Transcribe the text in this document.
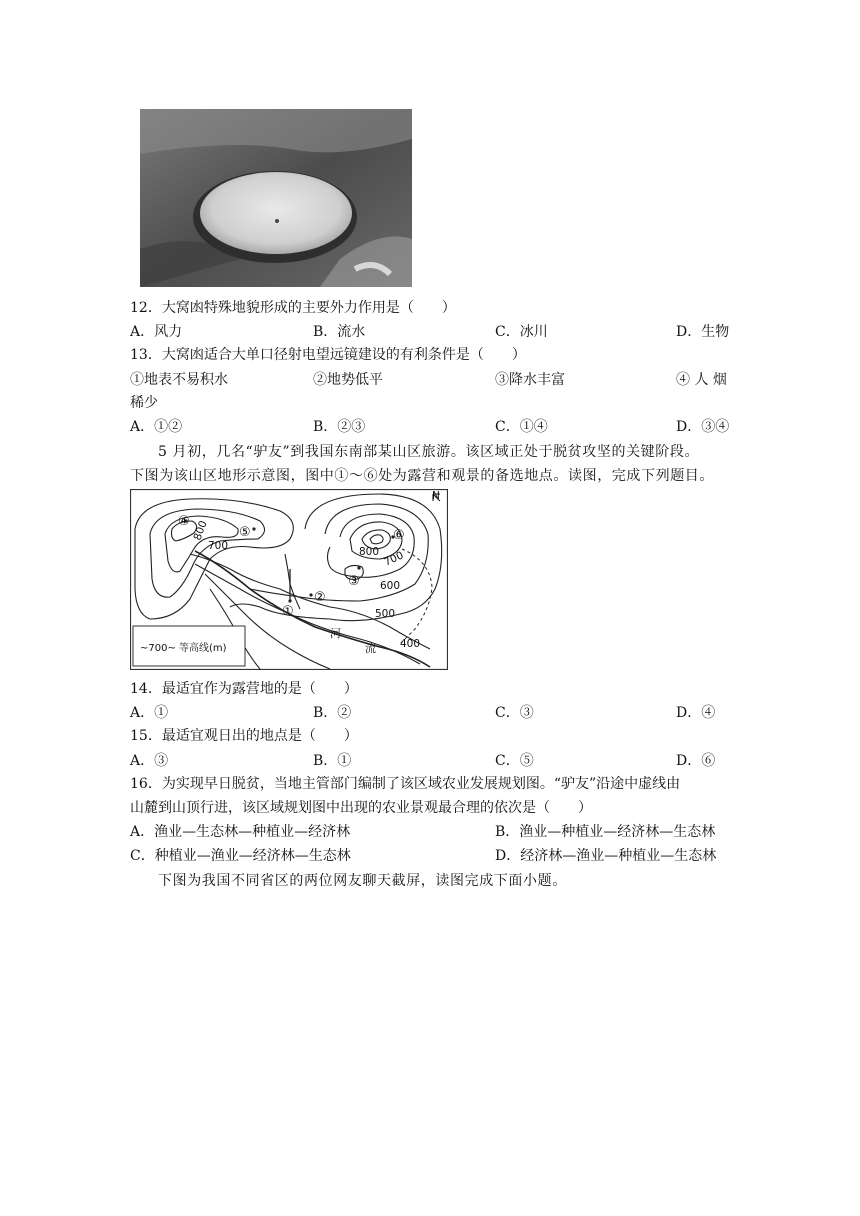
12．大窝凼特殊地貌形成的主要外力作用是（　　）
A．风力	B．流水	C．冰川	D．生物
13．大窝凼适合大单口径射电望远镜建设的有利条件是（　　）
①地表不易积水	②地势低平	③降水丰富	④ 人 烟
稀少
A．①②	B．②③	C．①④	D．③④
5 月初，几名“驴友”到我国东南部某山区旅游。该区域正处于脱贫攻坚的关键阶段。
下图为该山区地形示意图，图中①～⑥处为露营和观景的备选地点。读图，完成下列题目。
N
800
700	800 700
600
500
400
河
流
④
⑤	⑥
③
②
①
~700~ 等高线(m)
14．最适宜作为露营地的是（　　）
A．①	B．②	C．③	D．④
15．最适宜观日出的地点是（　　）
A．③	B．①	C．⑤	D．⑥
16．为实现早日脱贫，当地主管部门编制了该区域农业发展规划图。“驴友”沿途中虚线由
山麓到山顶行进，该区域规划图中出现的农业景观最合理的依次是（　　）
A．渔业—生态林—种植业—经济林	B．渔业—种植业—经济林—生态林
C．种植业—渔业—经济林—生态林	D．经济林—渔业—种植业—生态林
下图为我国不同省区的两位网友聊天截屏，读图完成下面小题。
